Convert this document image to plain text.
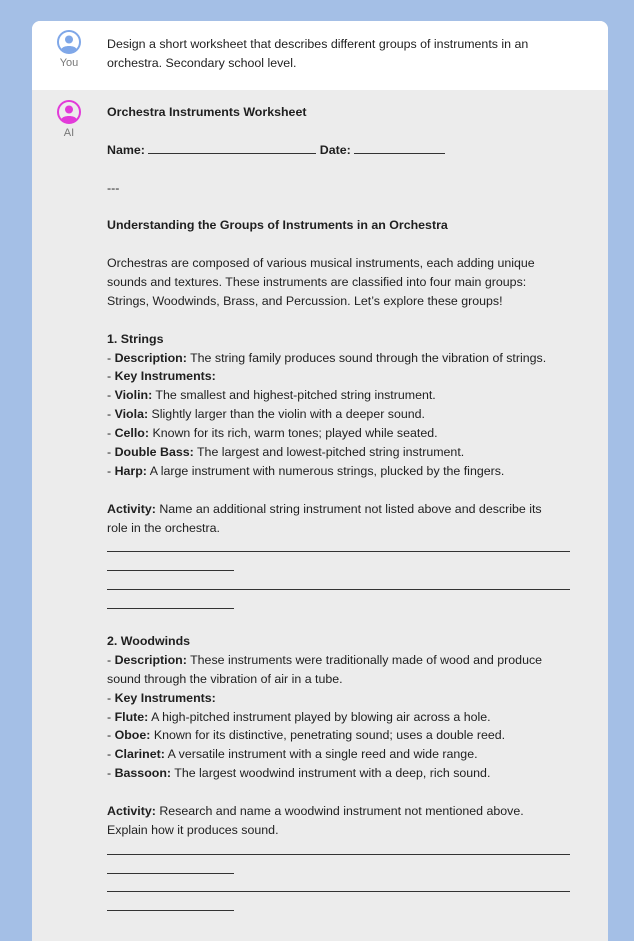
You
Design a short worksheet that describes different groups of instruments in an
orchestra. Secondary school level.
AI
Orchestra Instruments Worksheet
Name:	Date:
---
Understanding the Groups of Instruments in an Orchestra
Orchestras are composed of various musical instruments, each adding unique
sounds and textures. These instruments are classified into four main groups:
Strings, Woodwinds, Brass, and Percussion. Let’s explore these groups!
1. Strings
- Description: The string family produces sound through the vibration of strings.
- Key Instruments:
- Violin: The smallest and highest-pitched string instrument.
- Viola: Slightly larger than the violin with a deeper sound.
- Cello: Known for its rich, warm tones; played while seated.
- Double Bass: The largest and lowest-pitched string instrument.
- Harp: A large instrument with numerous strings, plucked by the fingers.
Activity: Name an additional string instrument not listed above and describe its
role in the orchestra.
2. Woodwinds
- Description: These instruments were traditionally made of wood and produce
sound through the vibration of air in a tube.
- Key Instruments:
- Flute: A high-pitched instrument played by blowing air across a hole.
- Oboe: Known for its distinctive, penetrating sound; uses a double reed.
- Clarinet: A versatile instrument with a single reed and wide range.
- Bassoon: The largest woodwind instrument with a deep, rich sound.
Activity: Research and name a woodwind instrument not mentioned above.
Explain how it produces sound.
